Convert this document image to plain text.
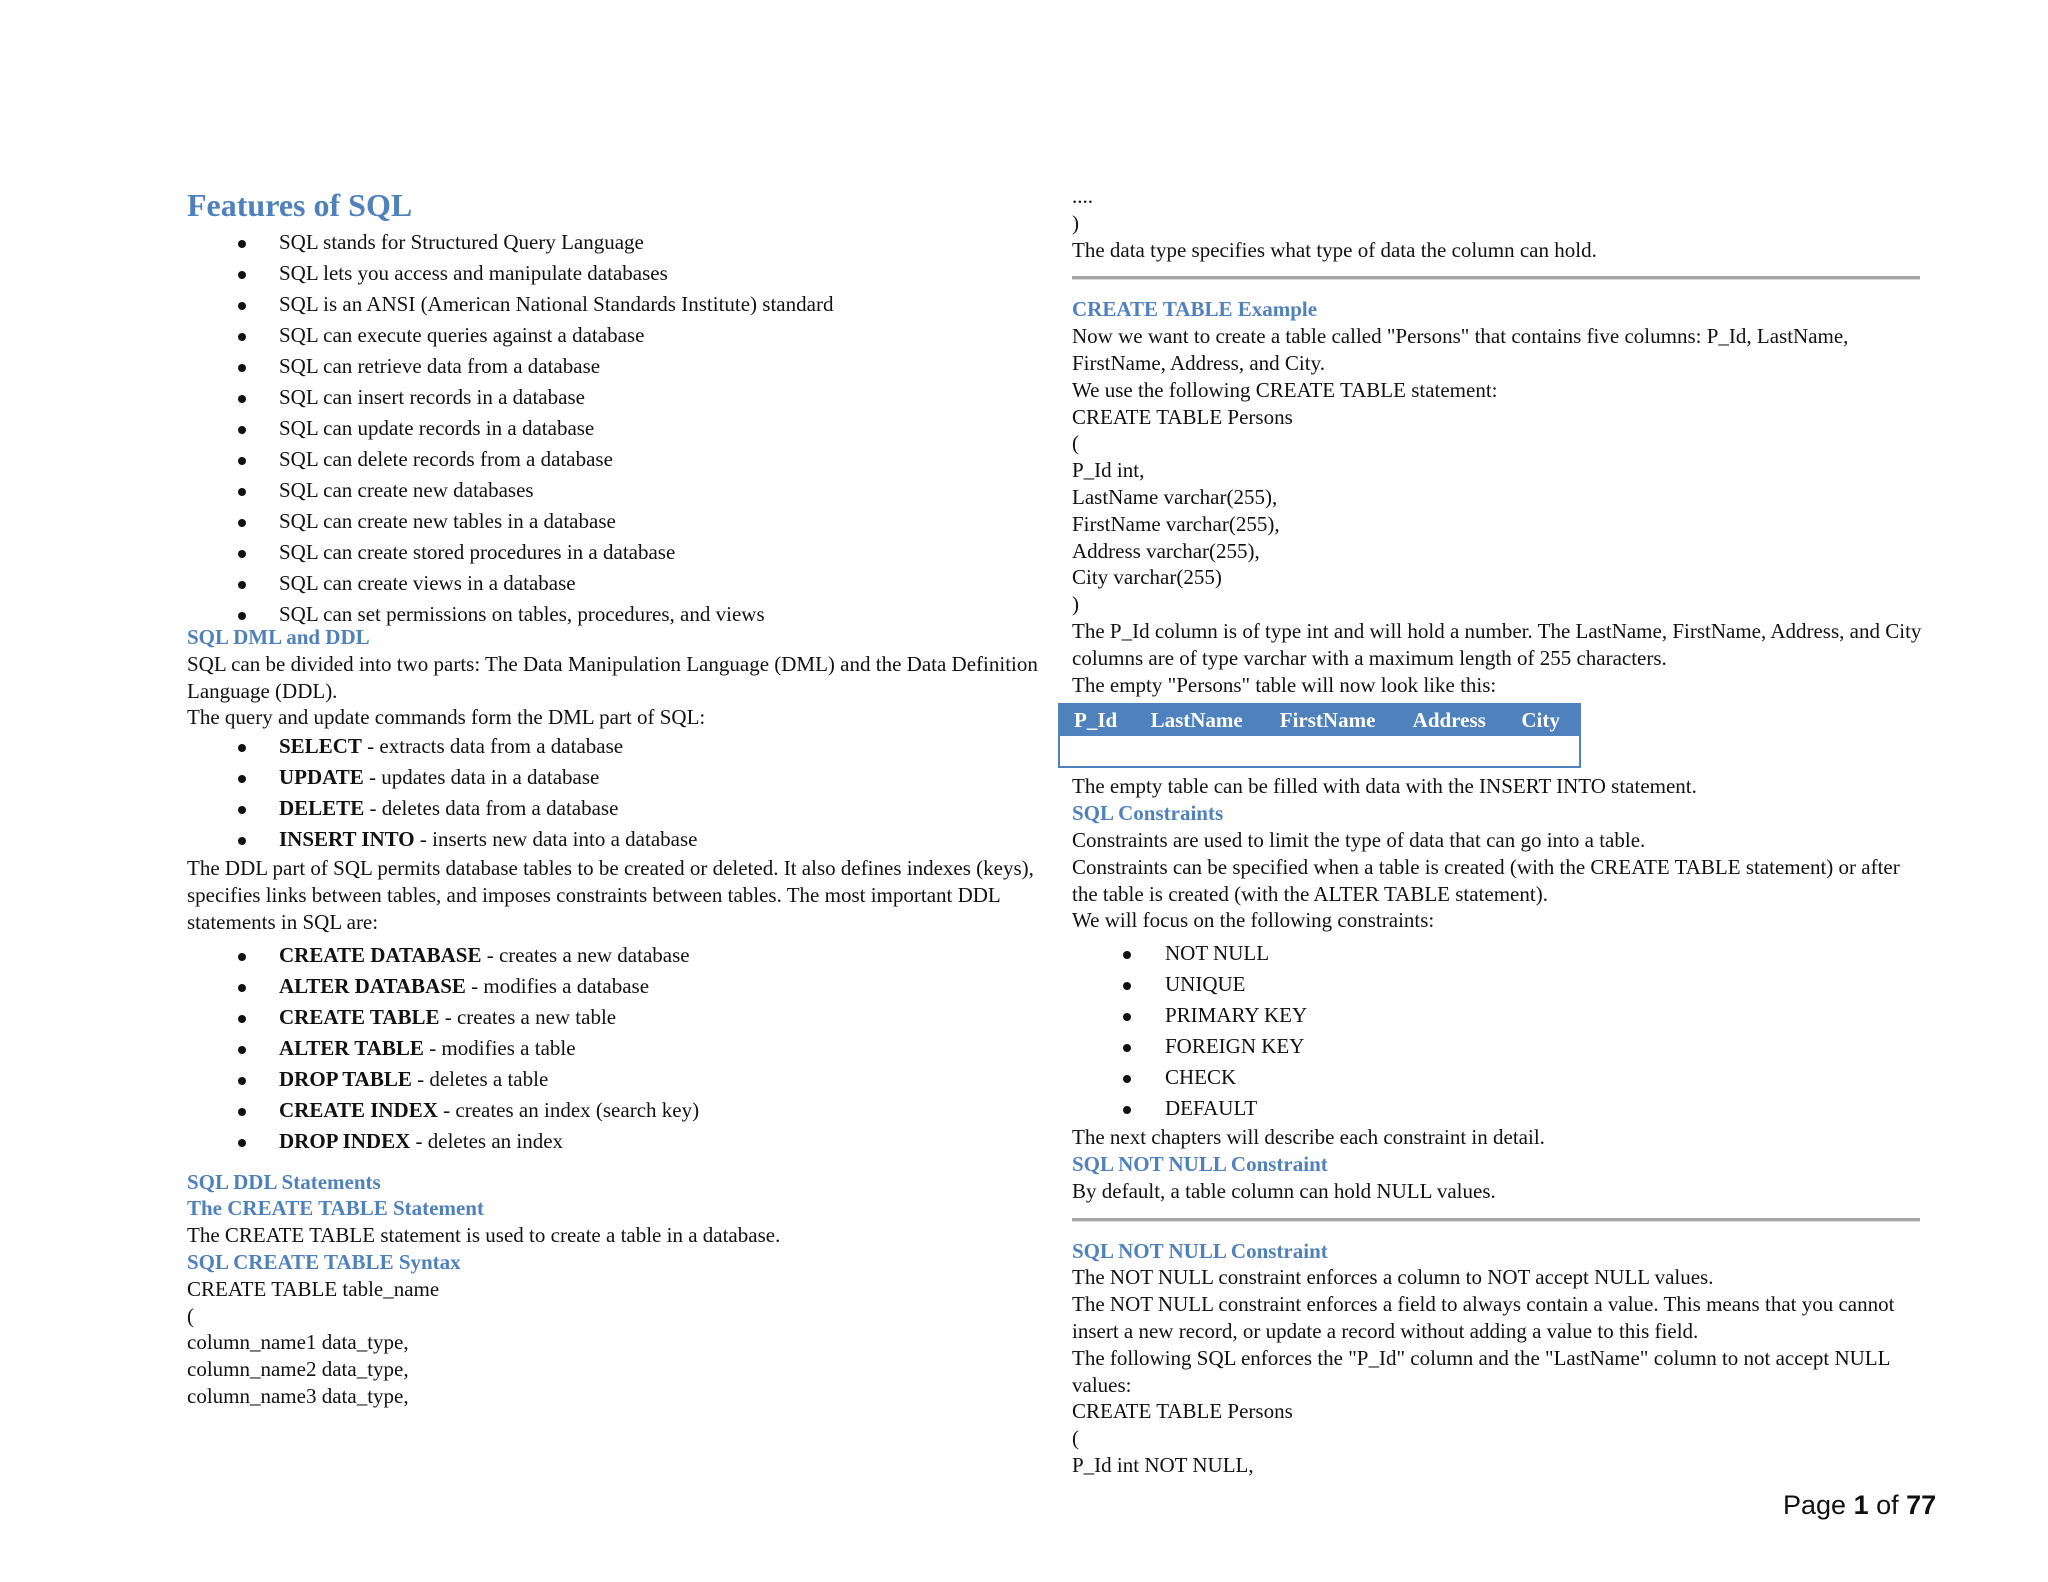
Features of SQL
SQL stands for Structured Query Language
SQL lets you access and manipulate databases
SQL is an ANSI (American National Standards Institute) standard
SQL can execute queries against a database
SQL can retrieve data from a database
SQL can insert records in a database
SQL can update records in a database
SQL can delete records from a database
SQL can create new databases
SQL can create new tables in a database
SQL can create stored procedures in a database
SQL can create views in a database
SQL can set permissions on tables, procedures, and views

SQL DML and DDL

SQL can be divided into two parts: The Data Manipulation Language (DML) and the Data Definition Language (DDL).

The query and update commands form the DML part of SQL:

SELECT - extracts data from a database
UPDATE - updates data in a database
DELETE - deletes data from a database
INSERT INTO - inserts new data into a database

The DDL part of SQL permits database tables to be created or deleted. It also defines indexes (keys), specifies links between tables, and imposes constraints between tables. The most important DDL statements in SQL are:

CREATE DATABASE - creates a new database
ALTER DATABASE - modifies a database
CREATE TABLE - creates a new table
ALTER TABLE - modifies a table
DROP TABLE - deletes a table
CREATE INDEX - creates an index (search key)
DROP INDEX - deletes an index

SQL DDL Statements

The CREATE TABLE Statement

The CREATE TABLE statement is used to create a table in a database.

SQL CREATE TABLE Syntax

CREATE TABLE table_name

(

column_name1 data_type,

column_name2 data_type,

column_name3 data_type,

....

)

The data type specifies what type of data the column can hold.

CREATE TABLE Example

Now we want to create a table called "Persons" that contains five columns: P_Id, LastName, FirstName, Address, and City.

We use the following CREATE TABLE statement:

CREATE TABLE Persons

(

P_Id int,

LastName varchar(255),

FirstName varchar(255),

Address varchar(255),

City varchar(255)

)

The P_Id column is of type int and will hold a number. The LastName, FirstName, Address, and City columns are of type varchar with a maximum length of 255 characters.

The empty "Persons" table will now look like this:

P_Id	LastName	FirstName	Address	City

The empty table can be filled with data with the INSERT INTO statement.

SQL Constraints

Constraints are used to limit the type of data that can go into a table.

Constraints can be specified when a table is created (with the CREATE TABLE statement) or after the table is created (with the ALTER TABLE statement).

We will focus on the following constraints:

NOT NULL
UNIQUE
PRIMARY KEY
FOREIGN KEY
CHECK
DEFAULT

The next chapters will describe each constraint in detail.

SQL NOT NULL Constraint

By default, a table column can hold NULL values.

SQL NOT NULL Constraint

The NOT NULL constraint enforces a column to NOT accept NULL values.

The NOT NULL constraint enforces a field to always contain a value. This means that you cannot insert a new record, or update a record without adding a value to this field.

The following SQL enforces the "P_Id" column and the "LastName" column to not accept NULL values:

CREATE TABLE Persons

(

P_Id int NOT NULL,

Page 1 of 77
